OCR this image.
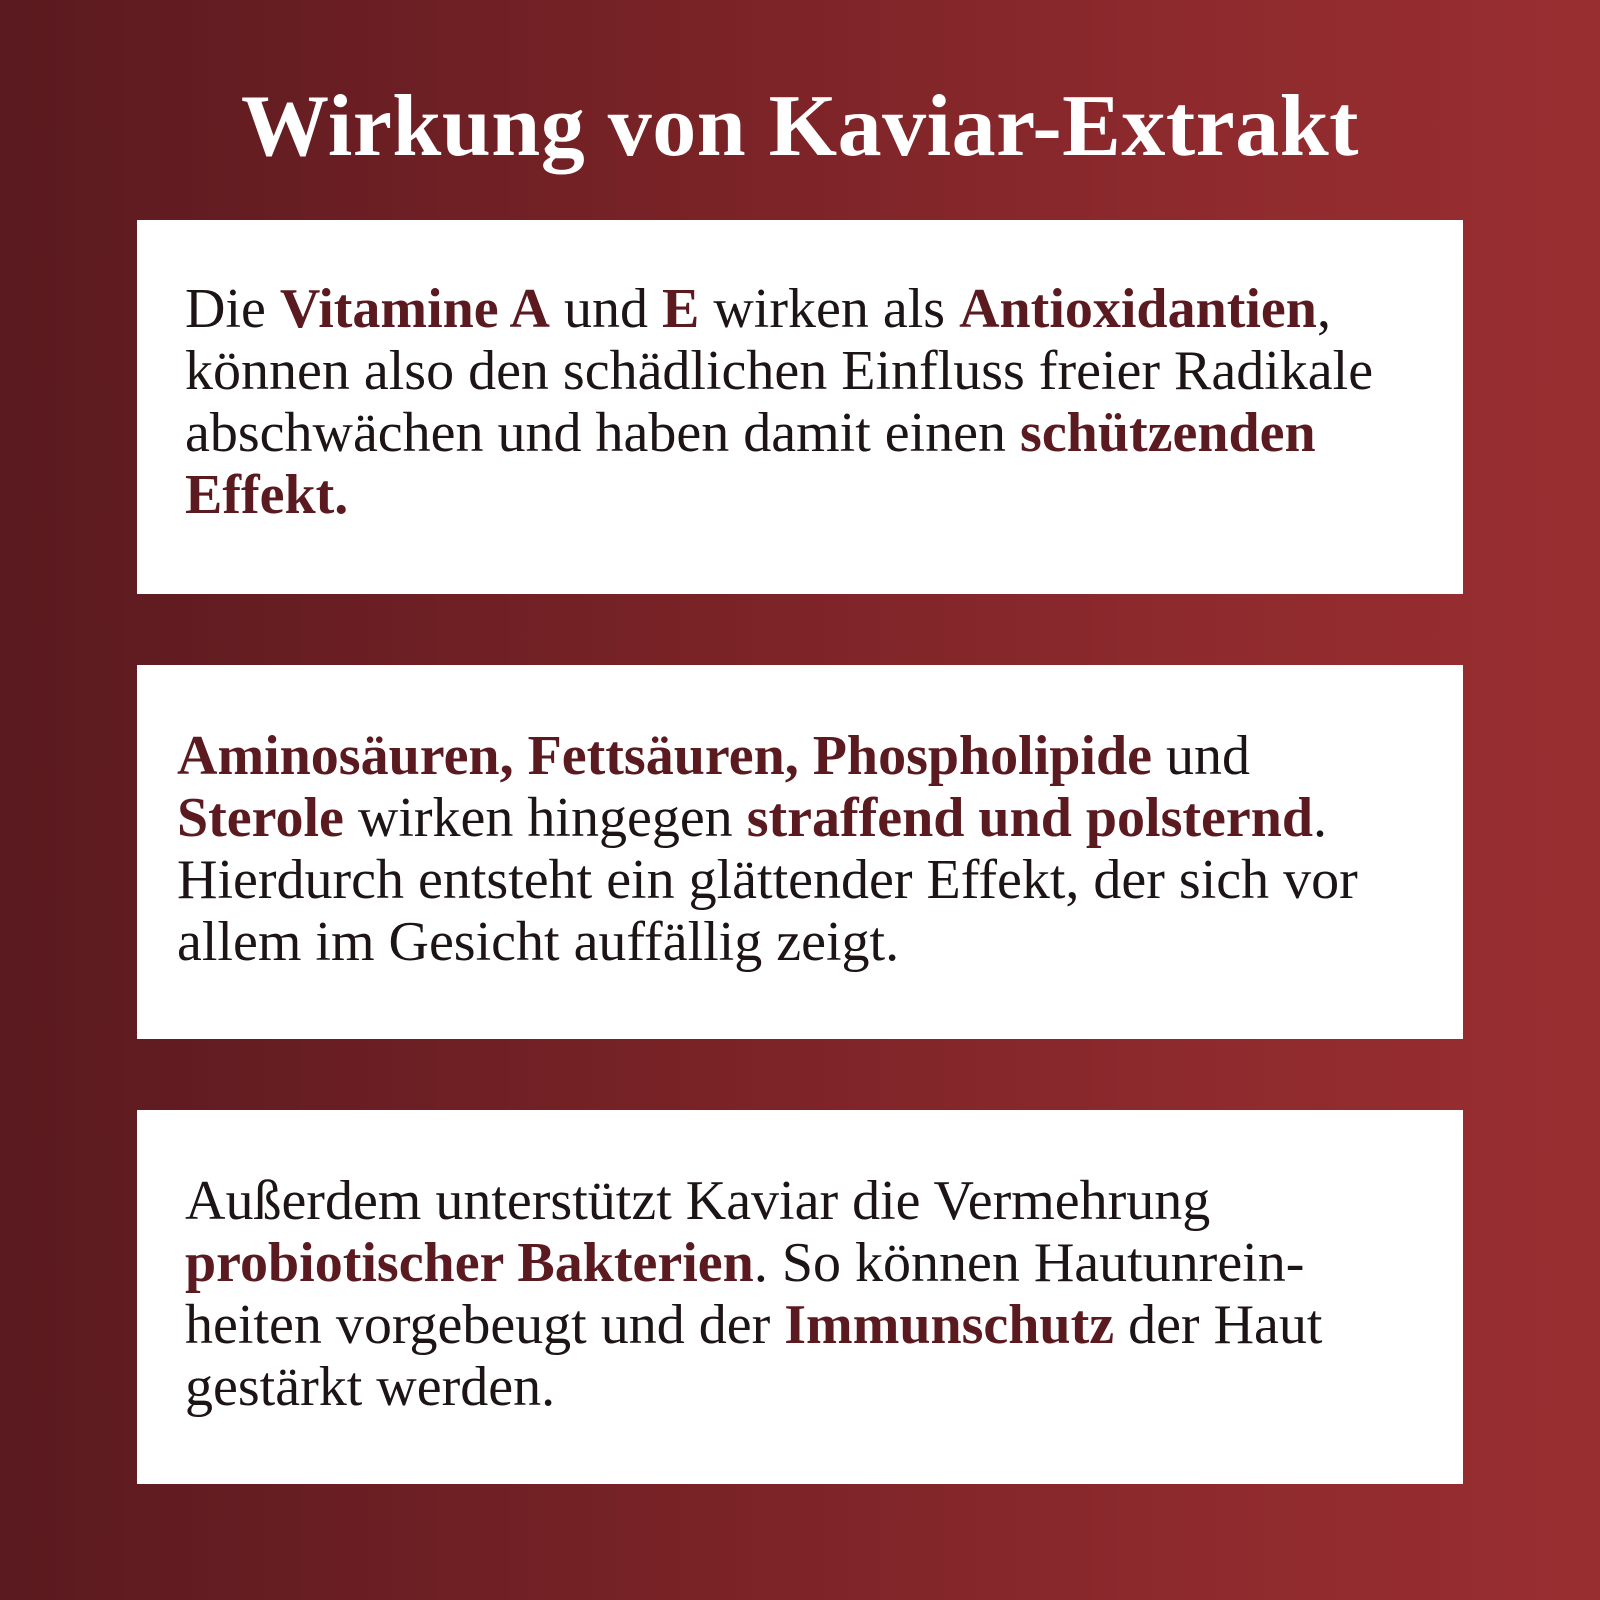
Wirkung von Kaviar-Extrakt

Die Vitamine A und E wirken als Antioxidantien, können also den schädlichen Einfluss freier Radikale abschwächen und haben damit einen schützenden Effekt.

Aminosäuren, Fettsäuren, Phospholipide und Sterole wirken hingegen straffend und polsternd. Hierdurch entsteht ein glättender Effekt, der sich vor allem im Gesicht auffällig zeigt.

Außerdem unterstützt Kaviar die Vermehrung probiotischer Bakterien. So können Hautunrein-heiten vorgebeugt und der Immunschutz der Haut gestärkt werden.
